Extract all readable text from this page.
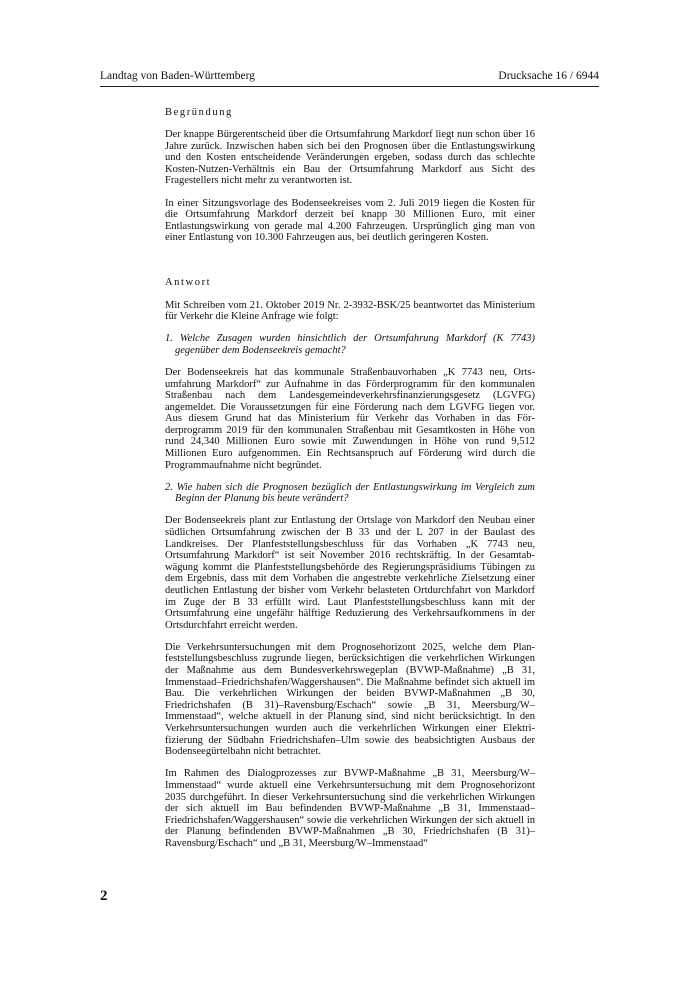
Landtag von Baden-Württemberg	Drucksache 16 / 6944
Begründung

Der knappe Bürgerentscheid über die Ortsumfahrung Markdorf liegt nun schon über 16 Jahre zurück. Inzwischen haben sich bei den Prognosen über die Entlastungswirkung und den Kosten entscheidende Veränderungen ergeben, sodass durch das schlechte Kosten-Nutzen-Verhältnis ein Bau der Ortsumfahrung Markdorf aus Sicht des Fragestellers nicht mehr zu verantworten ist.

In einer Sitzungsvorlage des Bodenseekreises vom 2. Juli 2019 liegen die Kosten für die Ortsumfahrung Markdorf derzeit bei knapp 30 Millionen Euro, mit einer Entlastungswirkung von gerade mal 4.200 Fahrzeugen. Ursprünglich ging man von einer Entlastung von 10.300 Fahrzeugen aus, bei deutlich geringeren Kosten.

Antwort

Mit Schreiben vom 21. Oktober 2019 Nr. 2-3932-BSK/25 beantwortet das Ministerium für Verkehr die Kleine Anfrage wie folgt:

1. Welche Zusagen wurden hinsichtlich der Ortsumfahrung Markdorf (K 7743) gegenüber dem Bodenseekreis gemacht?

Der Bodenseekreis hat das kommunale Straßenbauvorhaben „K 7743 neu, Ortsumfahrung Markdorf“ zur Aufnahme in das Förderprogramm für den kommunalen Straßenbau nach dem Landesgemeindeverkehrsfinanzierungsgesetz (LGVFG) angemeldet. Die Voraussetzungen für eine Förderung nach dem LGVFG liegen vor. Aus diesem Grund hat das Ministerium für Verkehr das Vorhaben in das Förderprogramm 2019 für den kommunalen Straßenbau mit Gesamtkosten in Höhe von rund 24,340 Millionen Euro sowie mit Zuwendungen in Höhe von rund 9,512 Millionen Euro aufgenommen. Ein Rechtsanspruch auf Förderung wird durch die Programmaufnahme nicht begründet.

2. Wie haben sich die Prognosen bezüglich der Entlastungswirkung im Vergleich zum Beginn der Planung bis heute verändert?

Der Bodenseekreis plant zur Entlastung der Ortslage von Markdorf den Neubau einer südlichen Ortsumfahrung zwischen der B 33 und der L 207 in der Baulast des Landkreises. Der Planfeststellungsbeschluss für das Vorhaben „K 7743 neu, Ortsumfahrung Markdorf“ ist seit November 2016 rechtskräftig. In der Gesamtabwägung kommt die Planfeststellungsbehörde des Regierungspräsidiums Tübingen zu dem Ergebnis, dass mit dem Vorhaben die angestrebte verkehrliche Zielsetzung einer deutlichen Entlastung der bisher vom Verkehr belasteten Ortdurchfahrt von Markdorf im Zuge der B 33 erfüllt wird. Laut Planfeststellungsbeschluss kann mit der Ortsumfahrung eine ungefähr hälftige Reduzierung des Verkehrsaufkommens in der Ortsdurchfahrt erreicht werden.

Die Verkehrsuntersuchungen mit dem Prognosehorizont 2025, welche dem Planfeststellungsbeschluss zugrunde liegen, berücksichtigen die verkehrlichen Wirkungen der Maßnahme aus dem Bundesverkehrswegeplan (BVWP-Maßnahme) „B 31, Immenstaad–Friedrichshafen/Waggershausen“. Die Maßnahme befindet sich aktuell im Bau. Die verkehrlichen Wirkungen der beiden BVWP-Maßnahmen „B 30, Friedrichshafen (B 31)–Ravensburg/Eschach“ sowie „B 31, Meersburg/W–Immenstaad“, welche aktuell in der Planung sind, sind nicht berücksichtigt. In den Verkehrsuntersuchungen wurden auch die verkehrlichen Wirkungen einer Elektrifizierung der Südbahn Friedrichshafen–Ulm sowie des beabsichtigten Ausbaus der Bodenseegürtelbahn nicht betrachtet.

Im Rahmen des Dialogprozesses zur BVWP-Maßnahme „B 31, Meersburg/W–Immenstaad“ wurde aktuell eine Verkehrsuntersuchung mit dem Prognosehorizont 2035 durchgeführt. In dieser Verkehrsuntersuchung sind die verkehrlichen Wirkungen der sich aktuell im Bau befindenden BVWP-Maßnahme „B 31, Immenstaad–Friedrichshafen/Waggershausen“ sowie die verkehrlichen Wirkungen der sich aktuell in der Planung befindenden BVWP-Maßnahmen „B 30, Friedrichshafen (B 31)–Ravensburg/Eschach“ und „B 31, Meersburg/W–Immenstaad“

2
